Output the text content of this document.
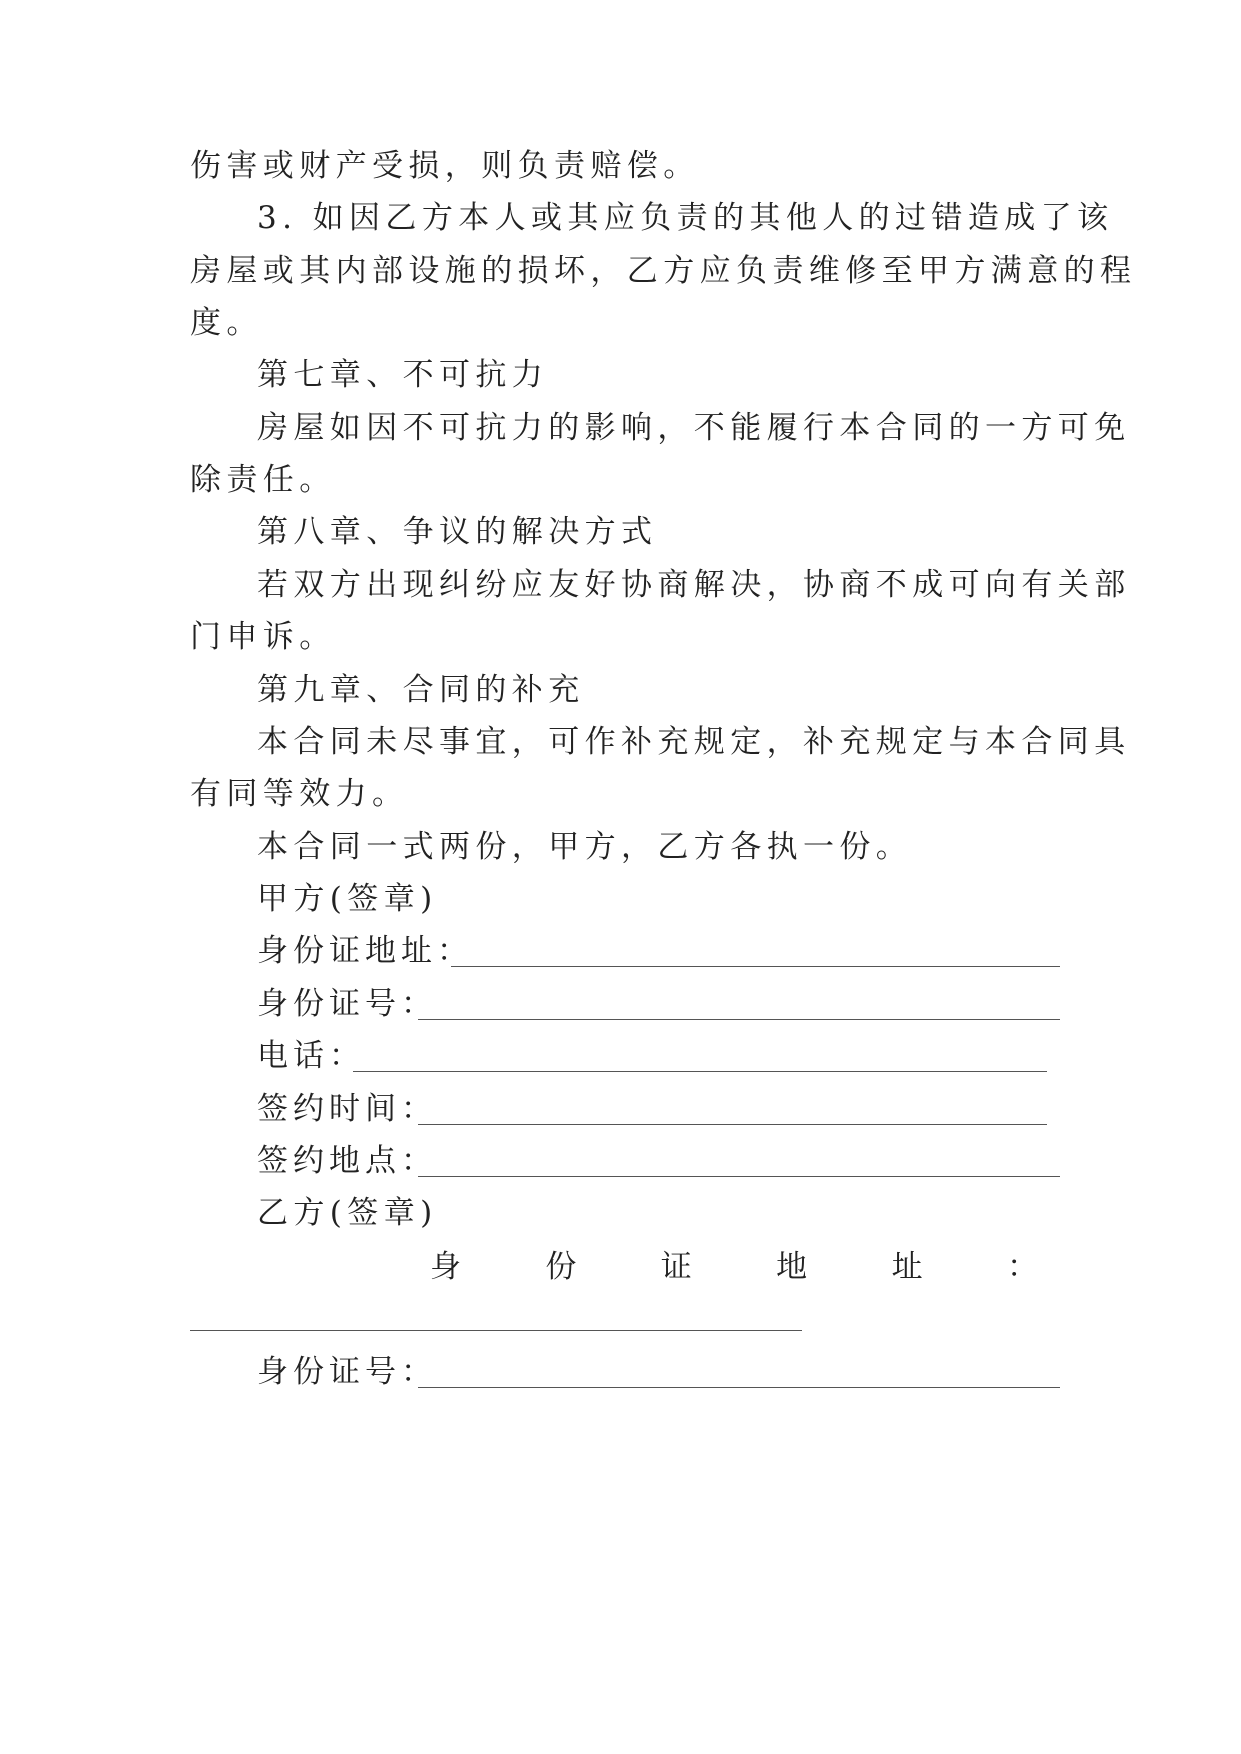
伤害或财产受损，则负责赔偿。
3. 如因乙方本人或其应负责的其他人的过错造成了该
房屋或其内部设施的损坏，乙方应负责维修至甲方满意的程
度。
第七章、不可抗力
房屋如因不可抗力的影响，不能履行本合同的一方可免
除责任。
第八章、争议的解决方式
若双方出现纠纷应友好协商解决，协商不成可向有关部
门申诉。
第九章、合同的补充
本合同未尽事宜，可作补充规定，补充规定与本合同具
有同等效力。
本合同一式两份，甲方，乙方各执一份。
甲方(签章)
身份证地址：
身份证号：
电话：
签约时间：
签约地点：
乙方(签章)
身	份	证	地	址	：
身份证号：
